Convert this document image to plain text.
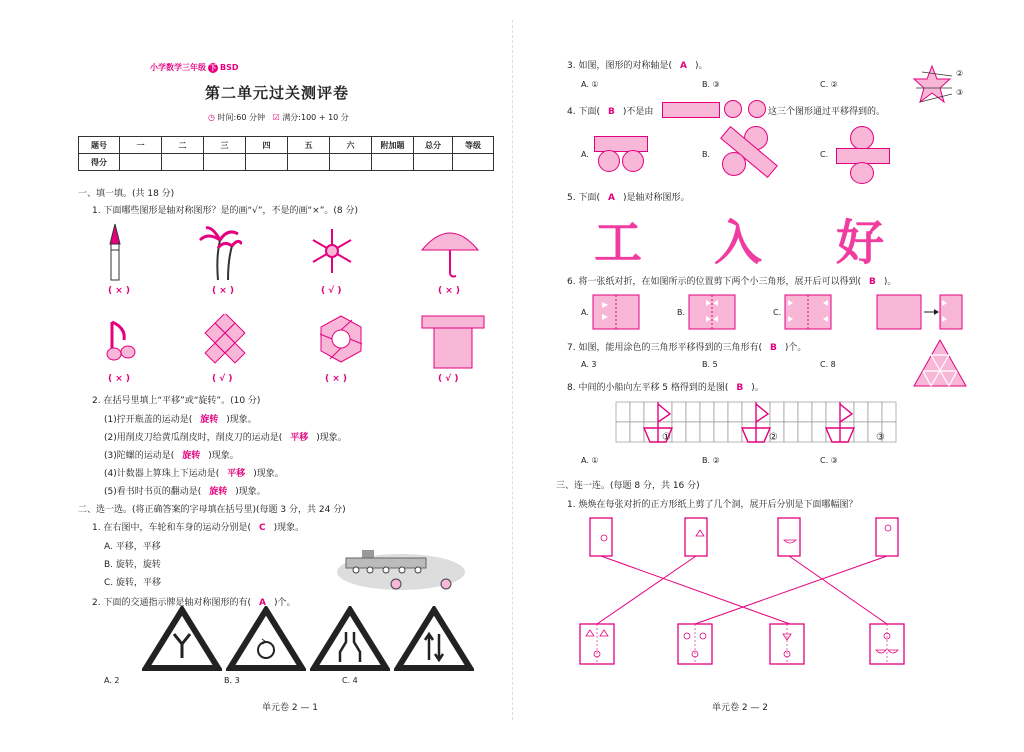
小学数学三年级 下 BSD
第二单元过关测评卷
◷ 时间:60 分钟 ☑ 满分:100 + 10 分
题号	一	二	三	四	五	六	附加题	总分	等级
得分									
一、填一填。(共 18 分)
1. 下面哪些图形是轴对称图形？是的画“√”，不是的画“×”。(8 分)
( × )	( × )	( √ )	( × )
( × )	( √ )	( × )	( √ )
2. 在括号里填上“平移”或“旋转”。(10 分)
(1)拧开瓶盖的运动是( 旋转 )现象。
(2)用削皮刀给黄瓜削皮时，削皮刀的运动是( 平移 )现象。
(3)陀螺的运动是( 旋转 )现象。
(4)计数器上算珠上下运动是( 平移 )现象。
(5)看书时书页的翻动是( 旋转 )现象。
二、选一选。(将正确答案的字母填在括号里)(每题 3 分，共 24 分)
1. 在右图中，车轮和车身的运动分别是( C )现象。
A. 平移，平移
B. 旋转，旋转
C. 旋转，平移
2. 下面的交通指示牌是轴对称图形的有( A )个。
A. 2	B. 3	C. 4
单元卷 2 — 1
3. 如图，图形的对称轴是( A )。
A. ①	B. ③	C. ②
②
③
4. 下面( B )不是由	这三个图形通过平移得到的。
A.	B.	C.
5. 下面( A )是轴对称图形。
工 入 好
6. 将一张纸对折，在如图所示的位置剪下两个小三角形，展开后可以得到( B )。
A.	B.	C.
7. 如图，能用涂色的三角形平移得到的三角形有( B )个。
A. 3	B. 5	C. 8
8. 中间的小船向左平移 5 格得到的是图( B )。
①	②	③
A. ①	B. ②	C. ③
三、连一连。(每题 8 分，共 16 分)
1. 焕焕在每张对折的正方形纸上剪了几个洞，展开后分别是下面哪幅图？
单元卷 2 — 2
